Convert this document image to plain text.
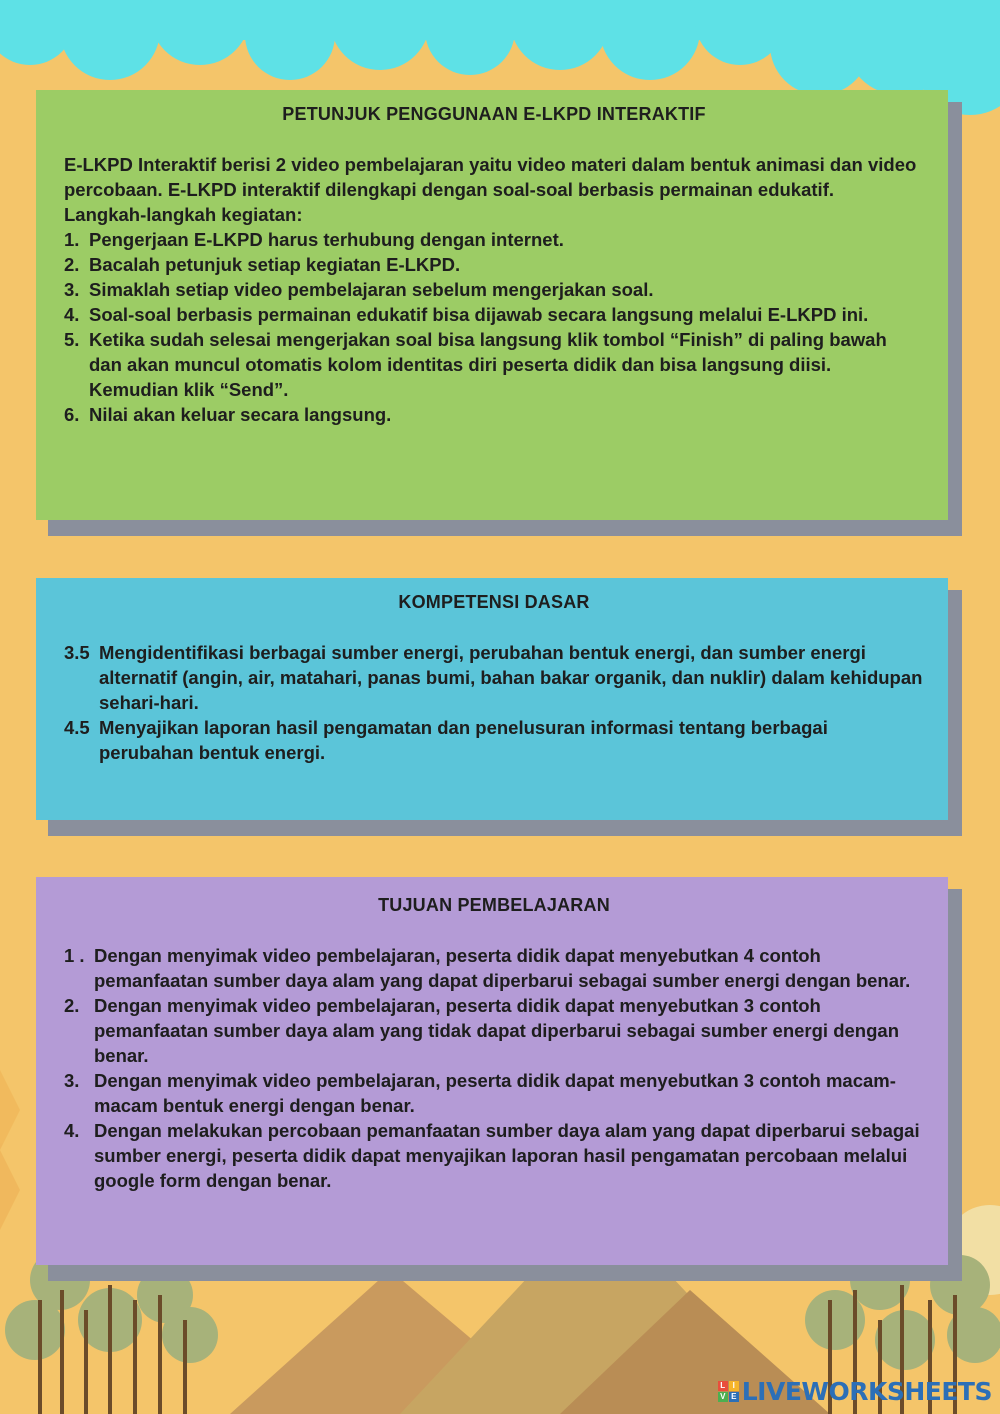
PETUNJUK PENGGUNAAN E-LKPD INTERAKTIF

E-LKPD Interaktif berisi 2 video pembelajaran yaitu video materi dalam bentuk animasi dan video percobaan. E-LKPD interaktif dilengkapi dengan soal-soal berbasis permainan edukatif.

Langkah-langkah kegiatan:

1. Pengerjaan E-LKPD harus terhubung dengan internet.
2. Bacalah petunjuk setiap kegiatan E-LKPD.
3. Simaklah setiap video pembelajaran sebelum mengerjakan soal.
4. Soal-soal berbasis permainan edukatif bisa dijawab secara langsung melalui E-LKPD ini.
5. Ketika sudah selesai mengerjakan soal bisa langsung klik tombol “Finish” di paling bawah dan akan muncul otomatis kolom identitas diri peserta didik dan bisa langsung diisi. Kemudian klik “Send”.
6. Nilai akan keluar secara langsung.
KOMPETENSI DASAR
3.5 Mengidentifikasi berbagai sumber energi, perubahan bentuk energi, dan sumber energi alternatif (angin, air, matahari, panas bumi, bahan bakar organik, dan nuklir) dalam kehidupan sehari-hari.
4.5 Menyajikan laporan hasil pengamatan dan penelusuran informasi tentang berbagai perubahan bentuk energi.
TUJUAN PEMBELAJARAN
1 . Dengan menyimak video pembelajaran, peserta didik dapat menyebutkan 4 contoh pemanfaatan sumber daya alam yang dapat diperbarui sebagai sumber energi dengan benar.
2. Dengan menyimak video pembelajaran, peserta didik dapat menyebutkan 3 contoh pemanfaatan sumber daya alam yang tidak dapat diperbarui sebagai sumber energi dengan benar.
3. Dengan menyimak video pembelajaran, peserta didik dapat menyebutkan 3 contoh macam-macam bentuk energi dengan benar.
4. Dengan melakukan percobaan pemanfaatan sumber daya alam yang dapat diperbarui sebagai sumber energi, peserta didik dapat menyajikan laporan hasil pengamatan percobaan melalui google form dengan benar.
L I
V E LIVEWORKSHEETS
